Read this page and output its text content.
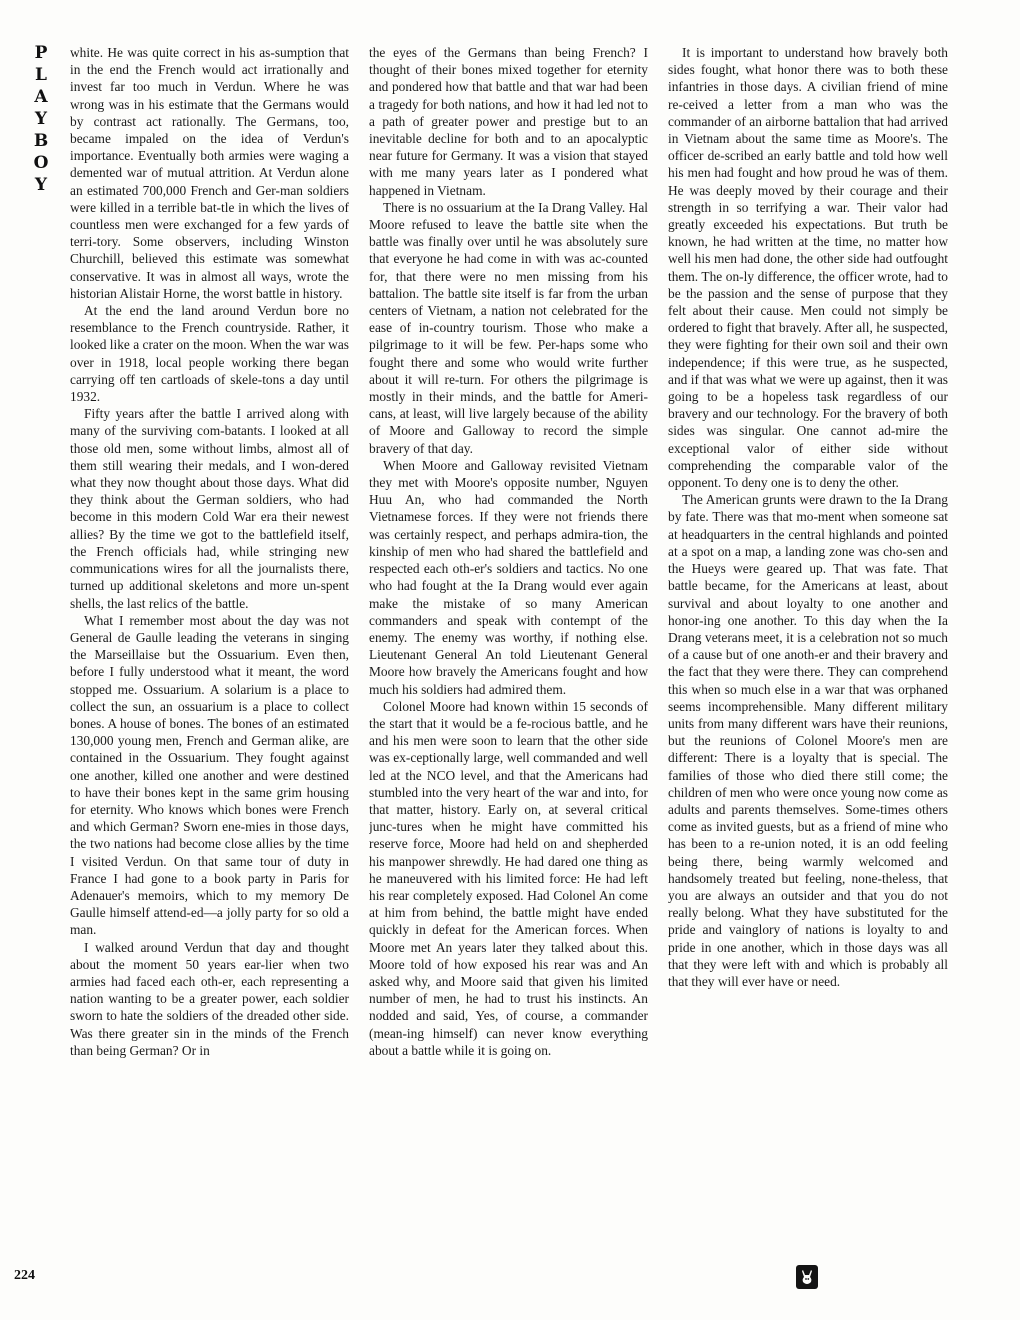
P
L
A
Y
B
O
Y

white. He was quite correct in his as-sumption that in the end the French would act irrationally and invest far too much in Verdun. Where he was wrong was in his estimate that the Germans would by contrast act rationally. The Germans, too, became impaled on the idea of Verdun's importance. Eventually both armies were waging a demented war of mutual attrition. At Verdun alone an estimated 700,000 French and Ger-man soldiers were killed in a terrible bat-tle in which the lives of countless men were exchanged for a few yards of terri-tory. Some observers, including Winston Churchill, believed this estimate was somewhat conservative. It was in almost all ways, wrote the historian Alistair Horne, the worst battle in history.

At the end the land around Verdun bore no resemblance to the French countryside. Rather, it looked like a crater on the moon. When the war was over in 1918, local people working there began carrying off ten cartloads of skele-tons a day until 1932.

Fifty years after the battle I arrived along with many of the surviving com-batants. I looked at all those old men, some without limbs, almost all of them still wearing their medals, and I won-dered what they now thought about those days. What did they think about the German soldiers, who had become in this modern Cold War era their newest allies? By the time we got to the battlefield itself, the French officials had, while stringing new communications wires for all the journalists there, turned up additional skeletons and more un-spent shells, the last relics of the battle.

What I remember most about the day was not General de Gaulle leading the veterans in singing the Marseillaise but the Ossuarium. Even then, before I fully understood what it meant, the word stopped me. Ossuarium. A solarium is a place to collect the sun, an ossuarium is a place to collect bones. A house of bones. The bones of an estimated 130,000 young men, French and German alike, are contained in the Ossuarium. They fought against one another, killed one another and were destined to have their bones kept in the same grim housing for eternity. Who knows which bones were French and which German? Sworn ene-mies in those days, the two nations had become close allies by the time I visited Verdun. On that same tour of duty in France I had gone to a book party in Paris for Adenauer's memoirs, which to my memory De Gaulle himself attend-ed—a jolly party for so old a man.

I walked around Verdun that day and thought about the moment 50 years ear-lier when two armies had faced each oth-er, each representing a nation wanting to be a greater power, each soldier sworn to hate the soldiers of the dreaded other side. Was there greater sin in the minds of the French than being German? Or in

the eyes of the Germans than being French? I thought of their bones mixed together for eternity and pondered how that battle and that war had been a tragedy for both nations, and how it had led not to a path of greater power and prestige but to an inevitable decline for both and to an apocalyptic near future for Germany. It was a vision that stayed with me many years later as I pondered what happened in Vietnam.

There is no ossuarium at the Ia Drang Valley. Hal Moore refused to leave the battle site when the battle was finally over until he was absolutely sure that everyone he had come in with was ac-counted for, that there were no men missing from his battalion. The battle site itself is far from the urban centers of Vietnam, a nation not celebrated for the ease of in-country tourism. Those who make a pilgrimage to it will be few. Per-haps some who fought there and some who would write further about it will re-turn. For others the pilgrimage is mostly in their minds, and the battle for Ameri-cans, at least, will live largely because of the ability of Moore and Galloway to record the simple bravery of that day.

When Moore and Galloway revisited Vietnam they met with Moore's opposite number, Nguyen Huu An, who had commanded the North Vietnamese forces. If they were not friends there was certainly respect, and perhaps admira-tion, the kinship of men who had shared the battlefield and respected each oth-er's soldiers and tactics. No one who had fought at the Ia Drang would ever again make the mistake of so many American commanders and speak with contempt of the enemy. The enemy was worthy, if nothing else. Lieutenant General An told Lieutenant General Moore how bravely the Americans fought and how much his soldiers had admired them.

Colonel Moore had known within 15 seconds of the start that it would be a fe-rocious battle, and he and his men were soon to learn that the other side was ex-ceptionally large, well commanded and well led at the NCO level, and that the Americans had stumbled into the very heart of the war and into, for that matter, history. Early on, at several critical junc-tures when he might have committed his reserve force, Moore had held on and shepherded his manpower shrewdly. He had dared one thing as he maneuvered with his limited force: He had left his rear completely exposed. Had Colonel An come at him from behind, the battle might have ended quickly in defeat for the American forces. When Moore met An years later they talked about this. Moore told of how exposed his rear was and An asked why, and Moore said that given his limited number of men, he had to trust his instincts. An nodded and said, Yes, of course, a commander (mean-ing himself) can never know everything about a battle while it is going on.

It is important to understand how bravely both sides fought, what honor there was to both these infantries in those days. A civilian friend of mine re-ceived a letter from a man who was the commander of an airborne battalion that had arrived in Vietnam about the same time as Moore's. The officer de-scribed an early battle and told how well his men had fought and how proud he was of them. He was deeply moved by their courage and their strength in so terrifying a war. Their valor had greatly exceeded his expectations. But truth be known, he had written at the time, no matter how well his men had done, the other side had outfought them. The on-ly difference, the officer wrote, had to be the passion and the sense of purpose that they felt about their cause. Men could not simply be ordered to fight that bravely. After all, he suspected, they were fighting for their own soil and their own independence; if this were true, as he suspected, and if that was what we were up against, then it was going to be a hopeless task regardless of our bravery and our technology. For the bravery of both sides was singular. One cannot ad-mire the exceptional valor of either side without comprehending the comparable valor of the opponent. To deny one is to deny the other.

The American grunts were drawn to the Ia Drang by fate. There was that mo-ment when someone sat at headquarters in the central highlands and pointed at a spot on a map, a landing zone was cho-sen and the Hueys were geared up. That was fate. That battle became, for the Americans at least, about survival and about loyalty to one another and honor-ing one another. To this day when the Ia Drang veterans meet, it is a celebration not so much of a cause but of one anoth-er and their bravery and the fact that they were there. They can comprehend this when so much else in a war that was orphaned seems incomprehensible. Many different military units from many different wars have their reunions, but the reunions of Colonel Moore's men are different: There is a loyalty that is special. The families of those who died there still come; the children of men who were once young now come as adults and parents themselves. Some-times others come as invited guests, but as a friend of mine who has been to a re-union noted, it is an odd feeling being there, being warmly welcomed and handsomely treated but feeling, none-theless, that you are always an outsider and that you do not really belong. What they have substituted for the pride and vainglory of nations is loyalty to and pride in one another, which in those days was all that they were left with and which is probably all that they will ever have or need.

224
